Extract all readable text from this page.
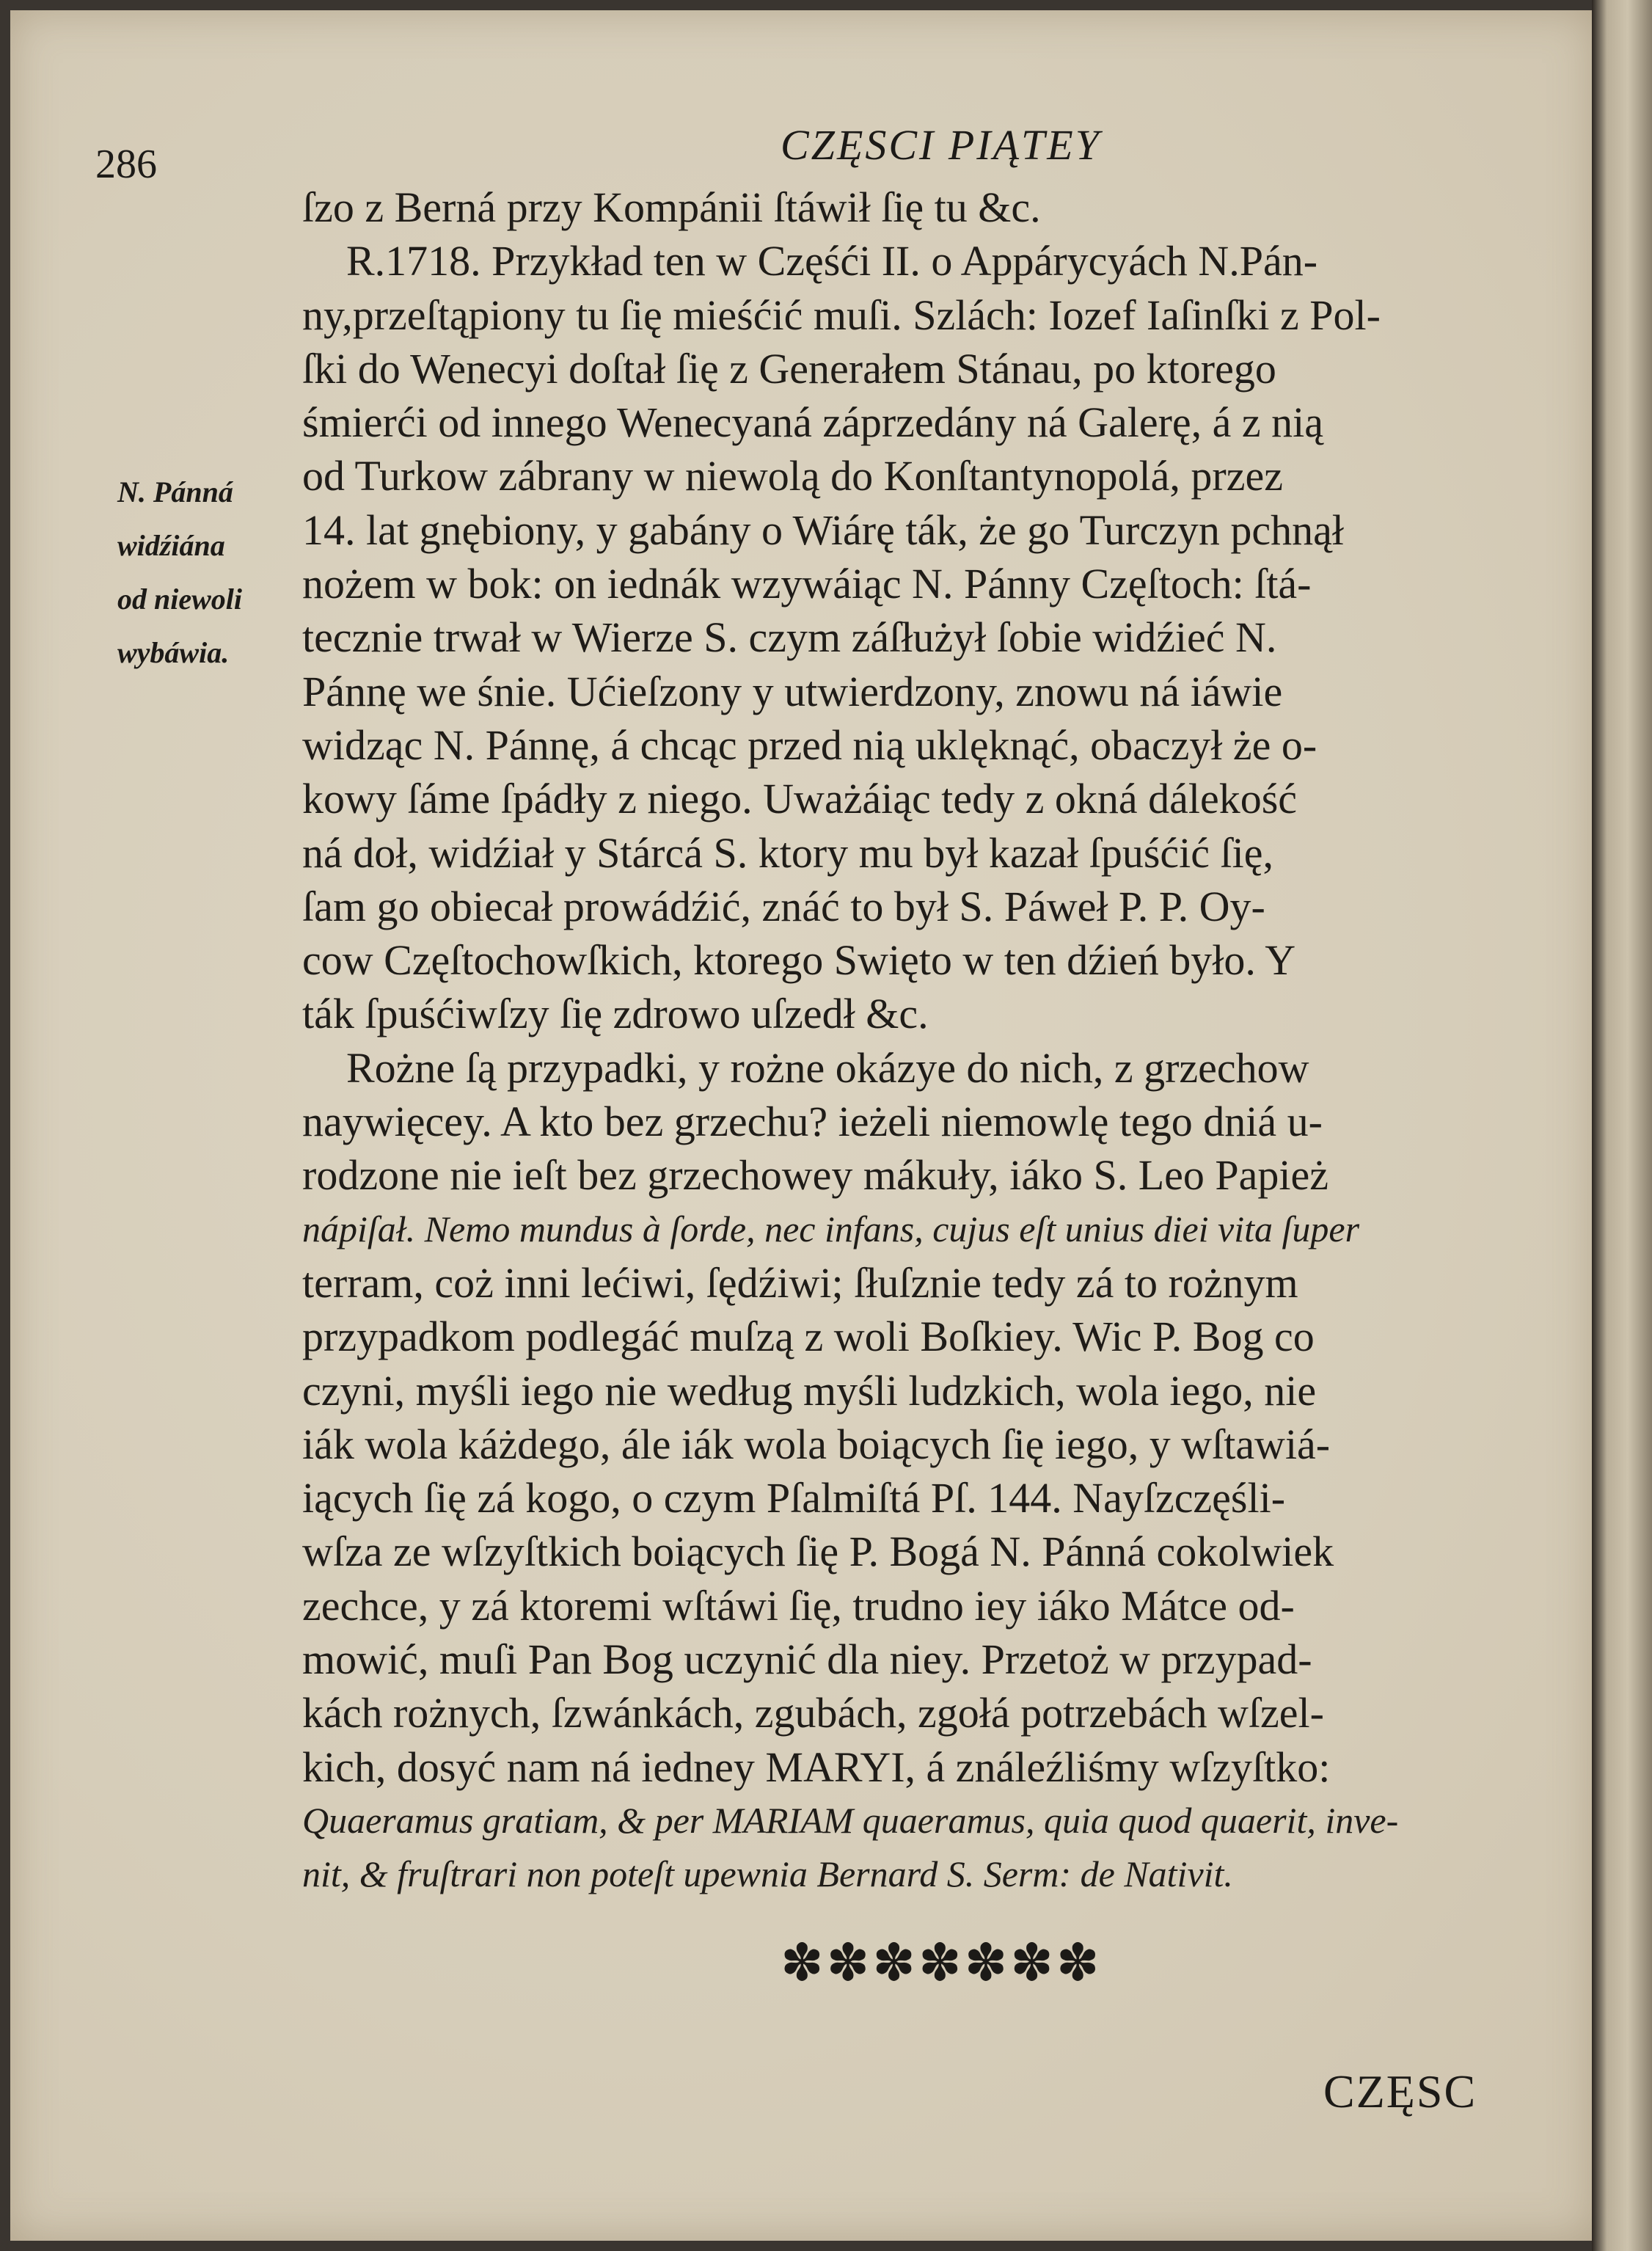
286	CZĘSCI PIĄTEY
N. Pánná
widźiána
od niewoli
wybáwia.
ſzo z Berná przy Kompánii ſtáwił ſię tu &c.
R.1718. Przykład ten w Częśći II. o Appárycyách N.Pán-
ny,przeſtąpiony tu ſię mieśćić muſi. Szlách: Iozef Iaſinſki z Pol-
ſki do Wenecyi doſtał ſię z Generałem Stánau, po ktorego
śmierći od innego Wenecyaná záprzedány ná Galerę, á z nią
od Turkow zábrany w niewolą do Konſtantynopolá, przez
14. lat gnębiony, y gabány o Wiárę ták, że go Turczyn pchnął
nożem w bok: on iednák wzywáiąc N. Pánny Częſtoch: ſtá-
tecznie trwał w Wierze S. czym záſłużył ſobie widźieć N.
Pánnę we śnie. Ućieſzony y utwierdzony, znowu ná iáwie
widząc N. Pánnę, á chcąc przed nią uklęknąć, obaczył że o-
kowy ſáme ſpádły z niego. Uważáiąc tedy z okná dálekość
ná doł, widźiał y Stárcá S. ktory mu był kazał ſpuśćić ſię,
ſam go obiecał prowádźić, znáć to był S. Páweł P. P. Oy-
cow Częſtochowſkich, ktorego Swięto w ten dźień było. Y
ták ſpuśćiwſzy ſię zdrowo uſzedł &c.
Rożne ſą przypadki, y rożne okázye do nich, z grzechow
naywięcey. A kto bez grzechu? ieżeli niemowlę tego dniá u-
rodzone nie ieſt bez grzechowey mákuły, iáko S. Leo Papież
nápiſał. Nemo mundus à ſorde, nec infans, cujus eſt unius diei vita ſuper
terram, coż inni lećiwi, ſędźiwi; ſłuſznie tedy zá to rożnym
przypadkom podlegáć muſzą z woli Boſkiey. Wic P. Bog co
czyni, myśli iego nie według myśli ludzkich, wola iego, nie
iák wola káżdego, ále iák wola boiących ſię iego, y wſtawiá-
iących ſię zá kogo, o czym Pſalmiſtá Pſ. 144. Nayſzczęśli-
wſza ze wſzyſtkich boiących ſię P. Bogá N. Pánná cokolwiek
zechce, y zá ktoremi wſtáwi ſię, trudno iey iáko Mátce od-
mowić, muſi Pan Bog uczynić dla niey. Przetoż w przypad-
kách rożnych, ſzwánkách, zgubách, zgołá potrzebách wſzel-
kich, dosyć nam ná iedney MARYI, á ználeźliśmy wſzyſtko:
Quaeramus gratiam, & per MARIAM quaeramus, quia quod quaerit, inve-
nit, & fruſtrari non poteſt upewnia Bernard S. Serm: de Nativit.
✽✽✽✽✽✽✽
CZĘSC
